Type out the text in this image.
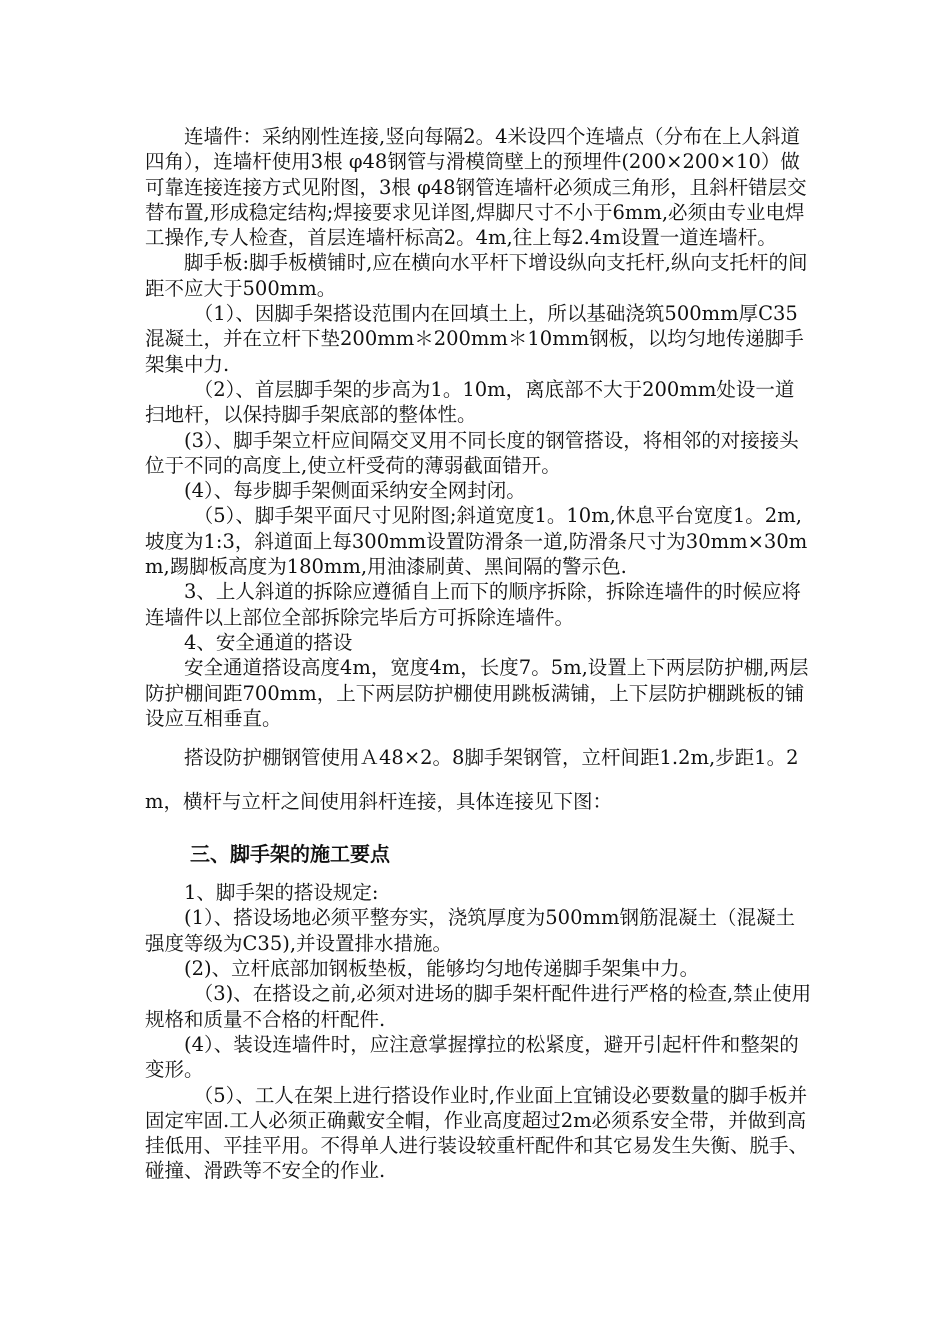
连墙件：采纳刚性连接,竖向每隔2。4米设四个连墙点（分布在上人斜道四角），连墙杆使用3根 φ48钢管与滑模筒壁上的预埋件(200×200×10）做可靠连接连接方式见附图，3根 φ48钢管连墙杆必须成三角形，且斜杆错层交替布置,形成稳定结构;焊接要求见详图,焊脚尺寸不小于6mm,必须由专业电焊工操作,专人检查，首层连墙杆标高2。4m,往上每2.4m设置一道连墙杆。

脚手板:脚手板横铺时,应在横向水平杆下增设纵向支托杆,纵向支托杆的间距不应大于500mm。

（1）、因脚手架搭设范围内在回填土上，所以基础浇筑500mm厚C35混凝土，并在立杆下垫200mm＊200mm＊10mm钢板，以均匀地传递脚手架集中力.

（2）、首层脚手架的步高为1。10m，离底部不大于200mm处设一道扫地杆，以保持脚手架底部的整体性。

(3）、脚手架立杆应间隔交叉用不同长度的钢管搭设，将相邻的对接接头位于不同的高度上,使立杆受荷的薄弱截面错开。

(4）、每步脚手架侧面采纳安全网封闭。

（5）、脚手架平面尺寸见附图;斜道宽度1。10m,休息平台宽度1。2m,坡度为1:3，斜道面上每300mm设置防滑条一道,防滑条尺寸为30mm×30mm,踢脚板高度为180mm,用油漆刷黄、黑间隔的警示色.

3、上人斜道的拆除应遵循自上而下的顺序拆除，拆除连墙件的时候应将连墙件以上部位全部拆除完毕后方可拆除连墙件。

4、安全通道的搭设

安全通道搭设高度4m，宽度4m，长度7。5m,设置上下两层防护棚,两层防护棚间距700mm，上下两层防护棚使用跳板满铺，上下层防护棚跳板的铺设应互相垂直。

搭设防护棚钢管使用Ａ48×2。8脚手架钢管，立杆间距1.2m,步距1。2m，横杆与立杆之间使用斜杆连接，具体连接见下图：

三、脚手架的施工要点

1、脚手架的搭设规定:

(1）、搭设场地必须平整夯实，浇筑厚度为500mm钢筋混凝土（混凝土强度等级为C35),并设置排水措施。

(2)、立杆底部加钢板垫板，能够均匀地传递脚手架集中力。

（3)、在搭设之前,必须对进场的脚手架杆配件进行严格的检查,禁止使用规格和质量不合格的杆配件.

(4）、装设连墙件时，应注意掌握撑拉的松紧度，避开引起杆件和整架的变形。

（5）、工人在架上进行搭设作业时,作业面上宜铺设必要数量的脚手板并固定牢固.工人必须正确戴安全帽，作业高度超过2m必须系安全带，并做到高挂低用、平挂平用。不得单人进行装设较重杆配件和其它易发生失衡、脱手、碰撞、滑跌等不安全的作业.
